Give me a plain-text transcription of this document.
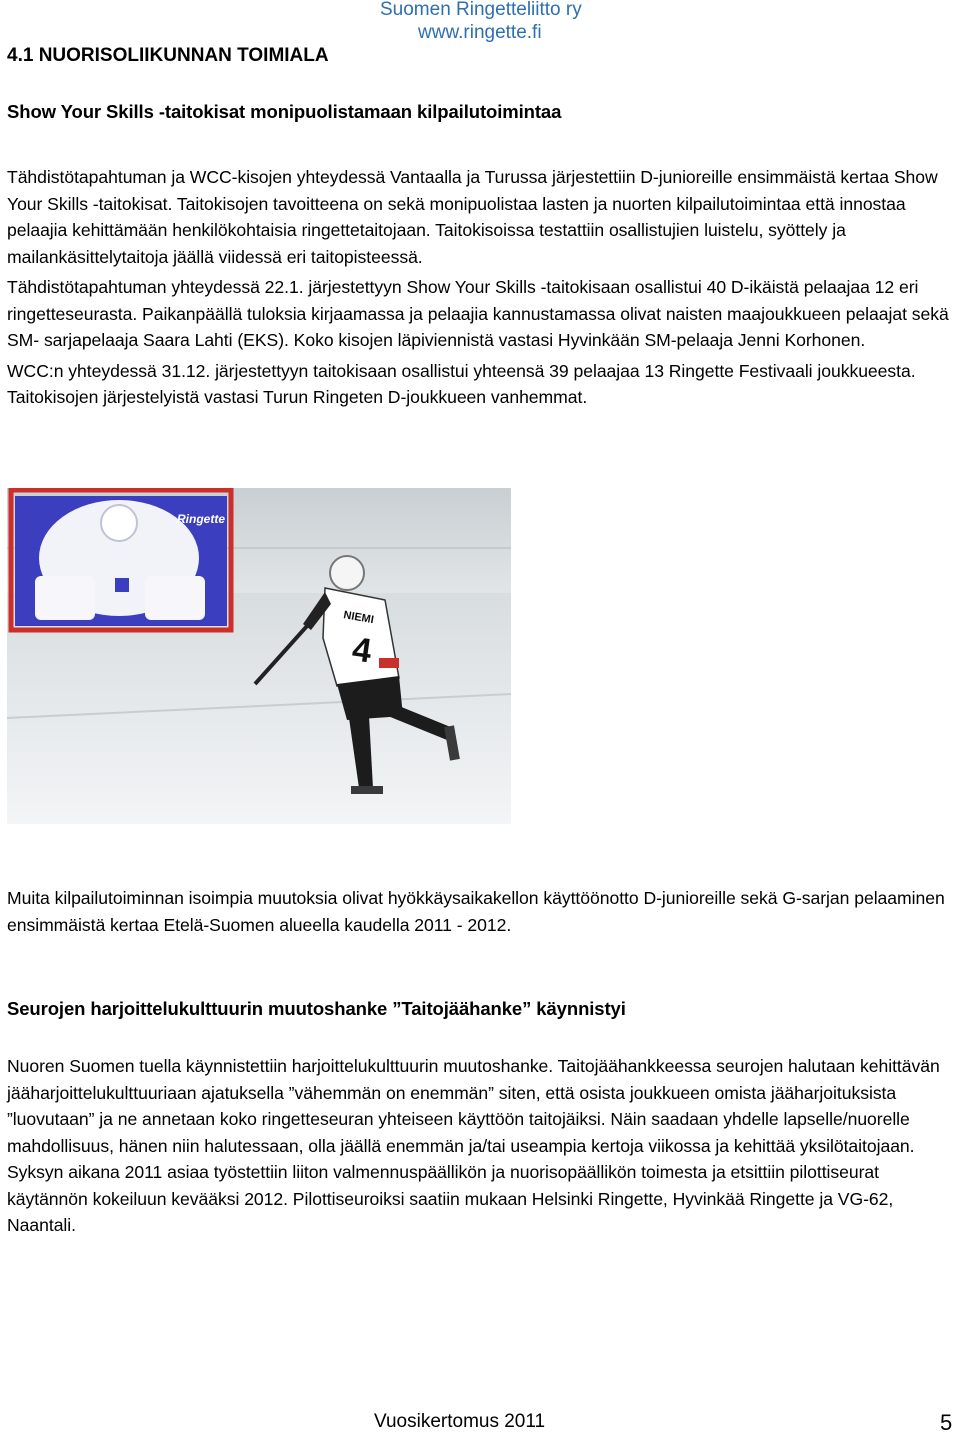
Suomen Ringetteliitto ry
www.ringette.fi
4.1 NUORISOLIIKUNNAN TOIMIALA
Show Your Skills -taitokisat monipuolistamaan kilpailutoimintaa

Tähdistötapahtuman ja WCC-kisojen yhteydessä Vantaalla ja Turussa järjestettiin D-junioreille ensimmäistä kertaa Show Your Skills -taitokisat. Taitokisojen tavoitteena on sekä monipuolistaa lasten ja nuorten kilpailutoimintaa että innostaa pelaajia kehittämään henkilökohtaisia ringettetaitojaan. Taitokisoissa testattiin osallistujien luistelu, syöttely ja mailankäsittelytaitoja jäällä viidessä eri taitopisteessä.

Tähdistötapahtuman yhteydessä 22.1. järjestettyyn Show Your Skills -taitokisaan osallistui 40 D-ikäistä pelaajaa 12 eri ringetteseurasta. Paikanpäällä tuloksia kirjaamassa ja pelaajia kannustamassa olivat naisten maajoukkueen pelaajat sekä SM- sarjapelaaja Saara Lahti (EKS). Koko kisojen läpiviennistä vastasi Hyvinkään SM-pelaaja Jenni Korhonen.

WCC:n yhteydessä 31.12. järjestettyyn taitokisaan osallistui yhteensä 39 pelaajaa 13 Ringette Festivaali joukkueesta. Taitokisojen järjestelyistä vastasi Turun Ringeten D-joukkueen vanhemmat.

Ringette
NIEMI
4
Muita kilpailutoiminnan isoimpia muutoksia olivat hyökkäysaikakellon käyttöönotto D-junioreille sekä G-sarjan pelaaminen ensimmäistä kertaa Etelä-Suomen alueella kaudella 2011 - 2012.
Seurojen harjoittelukulttuurin muutoshanke ”Taitojäähanke” käynnistyi

Nuoren Suomen tuella käynnistettiin harjoittelukulttuurin muutoshanke. Taitojäähankkeessa seurojen halutaan kehittävän jääharjoittelukulttuuriaan ajatuksella ”vähemmän on enemmän” siten, että osista joukkueen omista jääharjoituksista ”luovutaan” ja ne annetaan koko ringetteseuran yhteiseen käyttöön taitojäiksi. Näin saadaan yhdelle lapselle/nuorelle mahdollisuus, hänen niin halutessaan, olla jäällä enemmän ja/tai useampia kertoja viikossa ja kehittää yksilötaitojaan.

Syksyn aikana 2011 asiaa työstettiin liiton valmennuspäällikön ja nuorisopäällikön toimesta ja etsittiin pilottiseurat käytännön kokeiluun kevääksi 2012. Pilottiseuroiksi saatiin mukaan Helsinki Ringette, Hyvinkää Ringette ja VG-62, Naantali.

Vuosikertomus 2011	5
